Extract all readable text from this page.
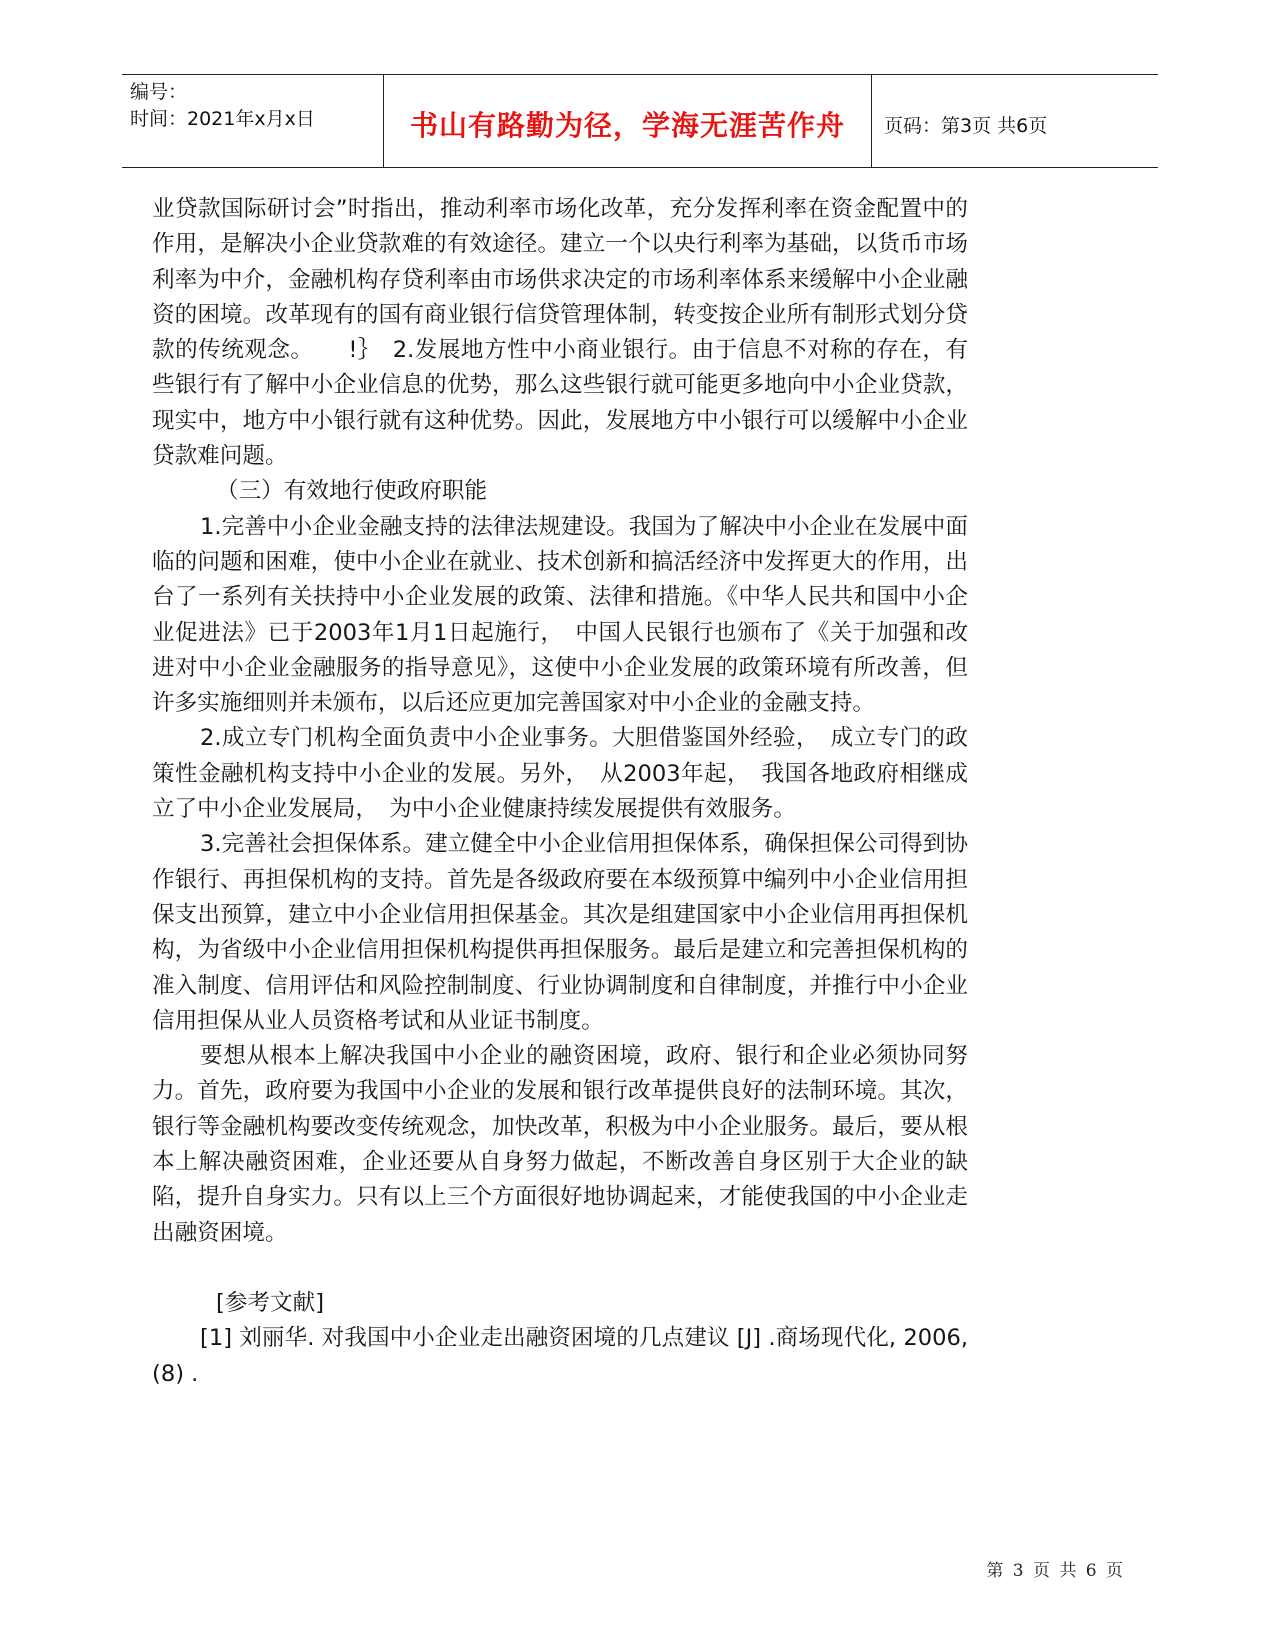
编号：
时间：2021年x月x日	书山有路勤为径，学海无涯苦作舟	页码：第3页 共6页

业贷款国际研讨会”时指出，推动利率市场化改革，充分发挥利率在资金配置中的作用，是解决小企业贷款难的有效途径。建立一个以央行利率为基础，以货币市场利率为中介，金融机构存贷利率由市场供求决定的市场利率体系来缓解中小企业融资的困境。改革现有的国有商业银行信贷管理体制，转变按企业所有制形式划分贷款的传统观念。　　!｝　2.发展地方性中小商业银行。由于信息不对称的存在，有些银行有了解中小企业信息的优势，那么这些银行就可能更多地向中小企业贷款，现实中，地方中小银行就有这种优势。因此，发展地方中小银行可以缓解中小企业贷款难问题。

（三）有效地行使政府职能

1.完善中小企业金融支持的法律法规建设。我国为了解决中小企业在发展中面临的问题和困难，使中小企业在就业、技术创新和搞活经济中发挥更大的作用，出台了一系列有关扶持中小企业发展的政策、法律和措施。《中华人民共和国中小企业促进法》已于2003年1月1日起施行，　中国人民银行也颁布了《关于加强和改进对中小企业金融服务的指导意见》，这使中小企业发展的政策环境有所改善，但许多实施细则并未颁布，以后还应更加完善国家对中小企业的金融支持。

2.成立专门机构全面负责中小企业事务。大胆借鉴国外经验，　成立专门的政策性金融机构支持中小企业的发展。另外，　从2003年起，　我国各地政府相继成立了中小企业发展局，　为中小企业健康持续发展提供有效服务。

3.完善社会担保体系。建立健全中小企业信用担保体系，确保担保公司得到协作银行、再担保机构的支持。首先是各级政府要在本级预算中编列中小企业信用担保支出预算，建立中小企业信用担保基金。其次是组建国家中小企业信用再担保机构，为省级中小企业信用担保机构提供再担保服务。最后是建立和完善担保机构的准入制度、信用评估和风险控制制度、行业协调制度和自律制度，并推行中小企业信用担保从业人员资格考试和从业证书制度。

要想从根本上解决我国中小企业的融资困境，政府、银行和企业必须协同努力。首先，政府要为我国中小企业的发展和银行改革提供良好的法制环境。其次，银行等金融机构要改变传统观念，加快改革，积极为中小企业服务。最后，要从根本上解决融资困难，企业还要从自身努力做起，不断改善自身区别于大企业的缺陷，提升自身实力。只有以上三个方面很好地协调起来，才能使我国的中小企业走出融资困境。

[参考文献]

[1] 刘丽华. 对我国中小企业走出融资困境的几点建议 [J] .商场现代化, 2006, (8) .

第 3 页 共 6 页
